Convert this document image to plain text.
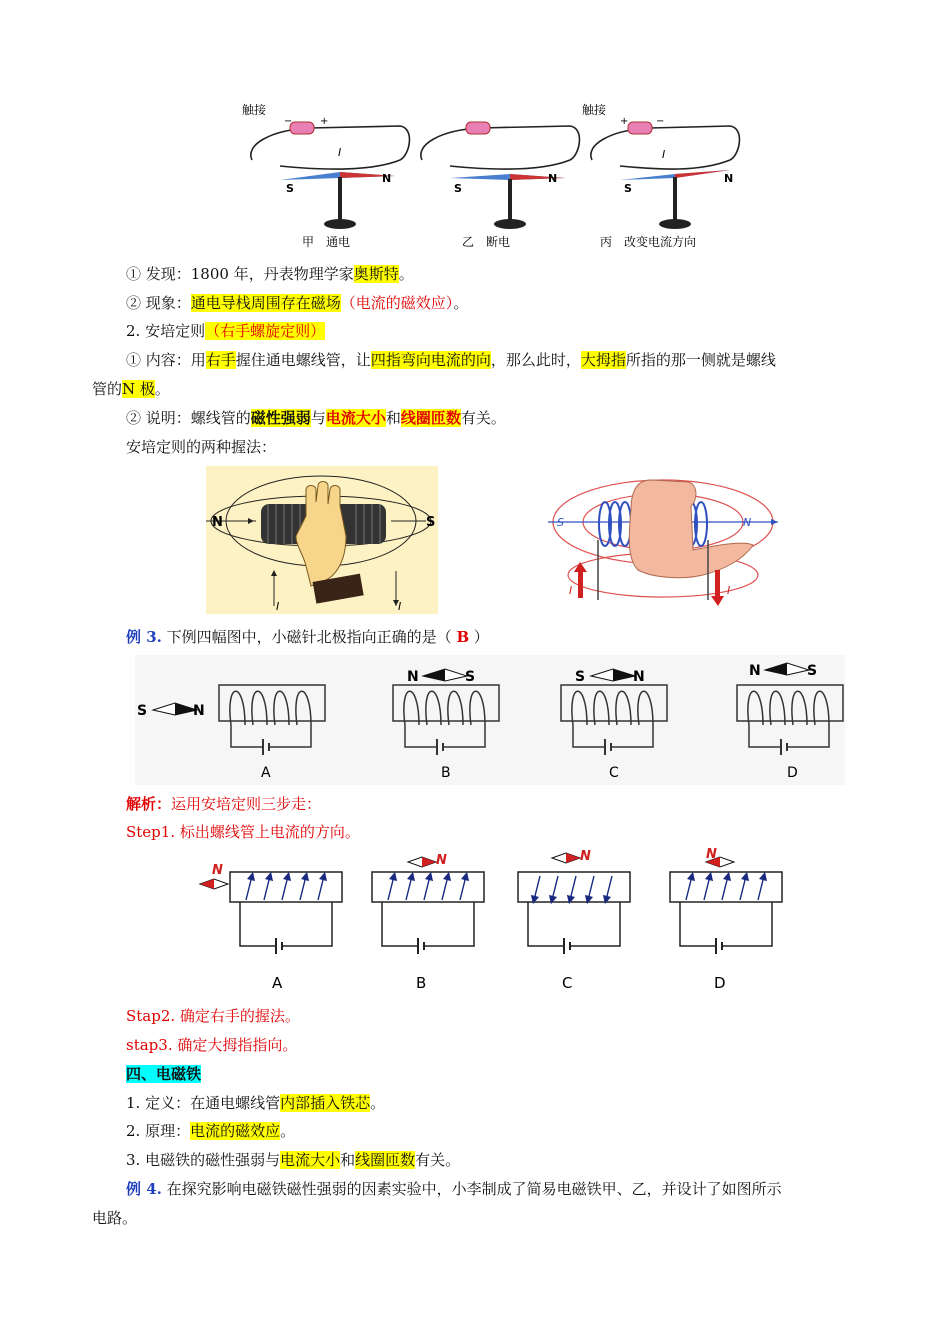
触接
−	+
I
S
N
甲　通电
S
N
乙　断电
触接
+	−
I
S
N
丙　改变电流方向
① 发现：1800 年，丹表物理学家奥斯特。
② 现象：通电导栈周围存在磁场（电流的磁效应）。
2. 安培定则（右手螺旋定则）
① 内容：用右手握住通电螺线管，让四指弯向电流的向，那么此时，大拇指所指的那一侧就是螺线
管的N 极。
② 说明：螺线管的磁性强弱与电流大小和线圈匝数有关。
安培定则的两种握法：
N	S
I	I
S	N
I	I
例 3. 下例四幅图中，小磁针北极指向正确的是（ B ）
S	N
A
N	S
B
S	N
C
N	S
D
解析：运用安培定则三步走：
Step1. 标出螺线管上电流的方向。
N
A
N
B
N
C
N
D
Stap2. 确定右手的握法。
stap3. 确定大拇指指向。
四、电磁铁
1. 定义：在通电螺线管内部插入铁芯。
2. 原理：电流的磁效应。
3. 电磁铁的磁性强弱与电流大小和线圈匝数有关。
例 4. 在探究影响电磁铁磁性强弱的因素实验中，小李制成了简易电磁铁甲、乙，并设计了如图所示
电路。
